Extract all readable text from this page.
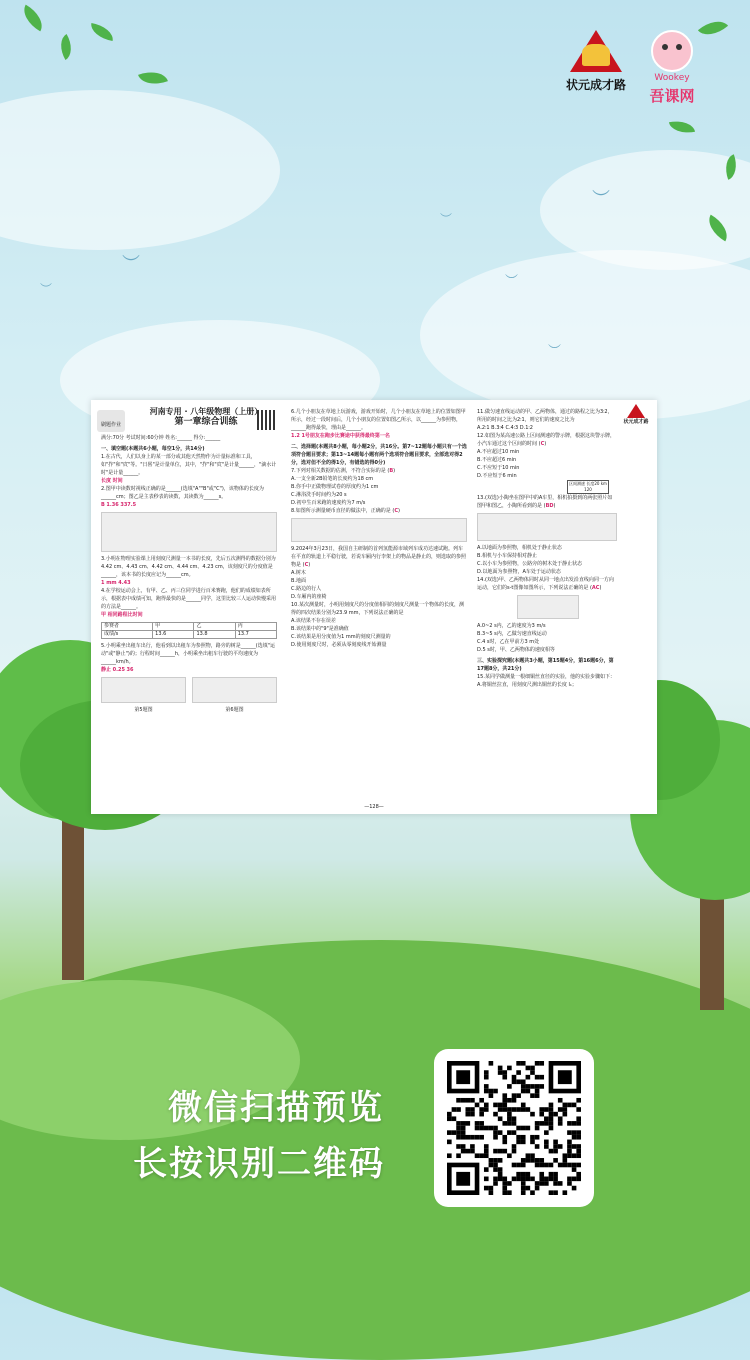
︶
︶
︶
︶
︶
︶
状元成才路	Wookey
吾课网
刷题作业	状元成才路
河南专用 · 八年级物理（上册）
第一章综合训练
满分:70分 考试时间:60分钟 姓名:______ 得分:______
一、填空题(本题共6小题，每空1分，共14分)
1.在古代，人们以身上的某一部分或其他天然物作为计量标准和工具，如"拃"和"庹"等。"日晷"是计量单位，其中，"拃"和"庹"是计量______，"滴水计时"是计量______。
长度 时间
2.图甲中读数时视线正确的是______(选填"A""B"或"C")，该物体的长度为______cm；图乙是主表秒表的读数，其读数为______s。
B 1.36 337.5
3.小明在物理实验课上用刻度尺测量一本书的长度，先后五次测得的数据分别为4.42 cm、4.43 cm、4.42 cm、4.44 cm、4.23 cm，该刻度尺的分度值是______，该本书的长度应记为______cm。
1 mm 4.43
4.在学校运动会上，有甲、乙、丙三位同学进行百米赛跑，他们的成绩如表所示，根据表中成绩可知，跑得最快的是______同学，这里比较三人运动快慢采用的方法是______。
甲 相同路程比时间
参赛者	甲	乙	丙
成绩/s	13.6	13.8	13.7
5.小明乘坐出租车出行，他看到以出租车为参照物，路旁的树是______(选填"运动"或"静止")的；行程时间______h，小明乘坐出租车行驶的平均速度为______km/h。
静止 0.25 36
第5题图	第6题图
6.几个小朋友在草地上玩游戏，游戏开始时，几个小朋友在草地上的位置如图甲所示，经过一段时间后，几个小朋友的位置如图乙所示，以______为参照物，______跑得最快，理由是______。
1.2 1号朋友在跑步比赛途中获得最终第一名
二、选择题(本题共8小题，每小题2分，共16分。第7~12题每小题只有一个选项符合题目要求；第13~14题每小题有两个选项符合题目要求，全部选对得2分，选对但不全的得1分，有错选的得0分)
7.下列对相关数据的估测，不符合实际的是 (B)
A.一支全新2B铅笔的长度约为18 cm
B.你手中正做物理试卷的厚度约为1 cm
C.淋浴洗手时间约为20 s
D.初中生百米跑的速度约为7 m/s
8.如图所示测量硬币直径的做法中，正确的是 (C)
9.2024年3月23日，我国自主研制的首列氢能源市域列车成功达速试跑。列车在平直的轨道上平稳行驶，若说车厢内行李架上的物品是静止的，则选取的参照物是 (C)
A.树木
B.地面
C.路边的行人
D.车厢内的座椅
10.某次测量时，小明用刻度尺的分度值相同的刻度尺测量一个物体的长度，测得的四次结果分别为23.9 mm，下列说法正确的是
A.该结果不存在误差
B.该结果中的"9"是准确值
C.该结果是用分度值为1 mm的刻度尺测量的
D.使用刻度尺时，必须从零刻度线开始测量
11.做匀速直线运动的甲、乙两物体，通过的路程之比为3∶2，所用的时间之比为2∶1，则它们的速度之比为
A.2∶1 B.3∶4 C.4∶3 D.1∶2
12.如图为某高速公路上区间测速的警示牌，根据这块警示牌，小汽车通过这个区间的时间 (C)
A.不应超过10 min
B.不应超过6 min
C.不应短于10 min
D.不应短于6 min
区间测速 长度20 km
120
13.(双选)小陶坐在图甲中的A车里，相机拍摄到的两张照片如图甲和图乙，小陶所看到的是 (BD)
A.以地面为参照物，相机处于静止状态
B.相机与小车保持相对静止
C.以小车为参照物，公路旁的树木处于静止状态
D.以地面为参照物，A车处于运动状态
14.(双选)甲、乙两物体同时从同一地点出发沿直线向同一方向运动，它们的s-t图像如图所示，下列说法正确的是 (AC)
A.0~2 s内，乙的速度为3 m/s
B.3~5 s内，乙做匀速直线运动
C.4 s时，乙在甲前方3 m处
D.5 s时，甲、乙两物体的速度相等
三、实验探究题(本题共3小题，第15题4分，第16题6分，第17题8分，共21分)
15.某同学做测量一根细铜丝直径的实验，他的实验步骤如下：
A.将铜丝拉直，用刻度尺测出铜丝的长度 l₁；
—128—
微信扫描预览
长按识别二维码
